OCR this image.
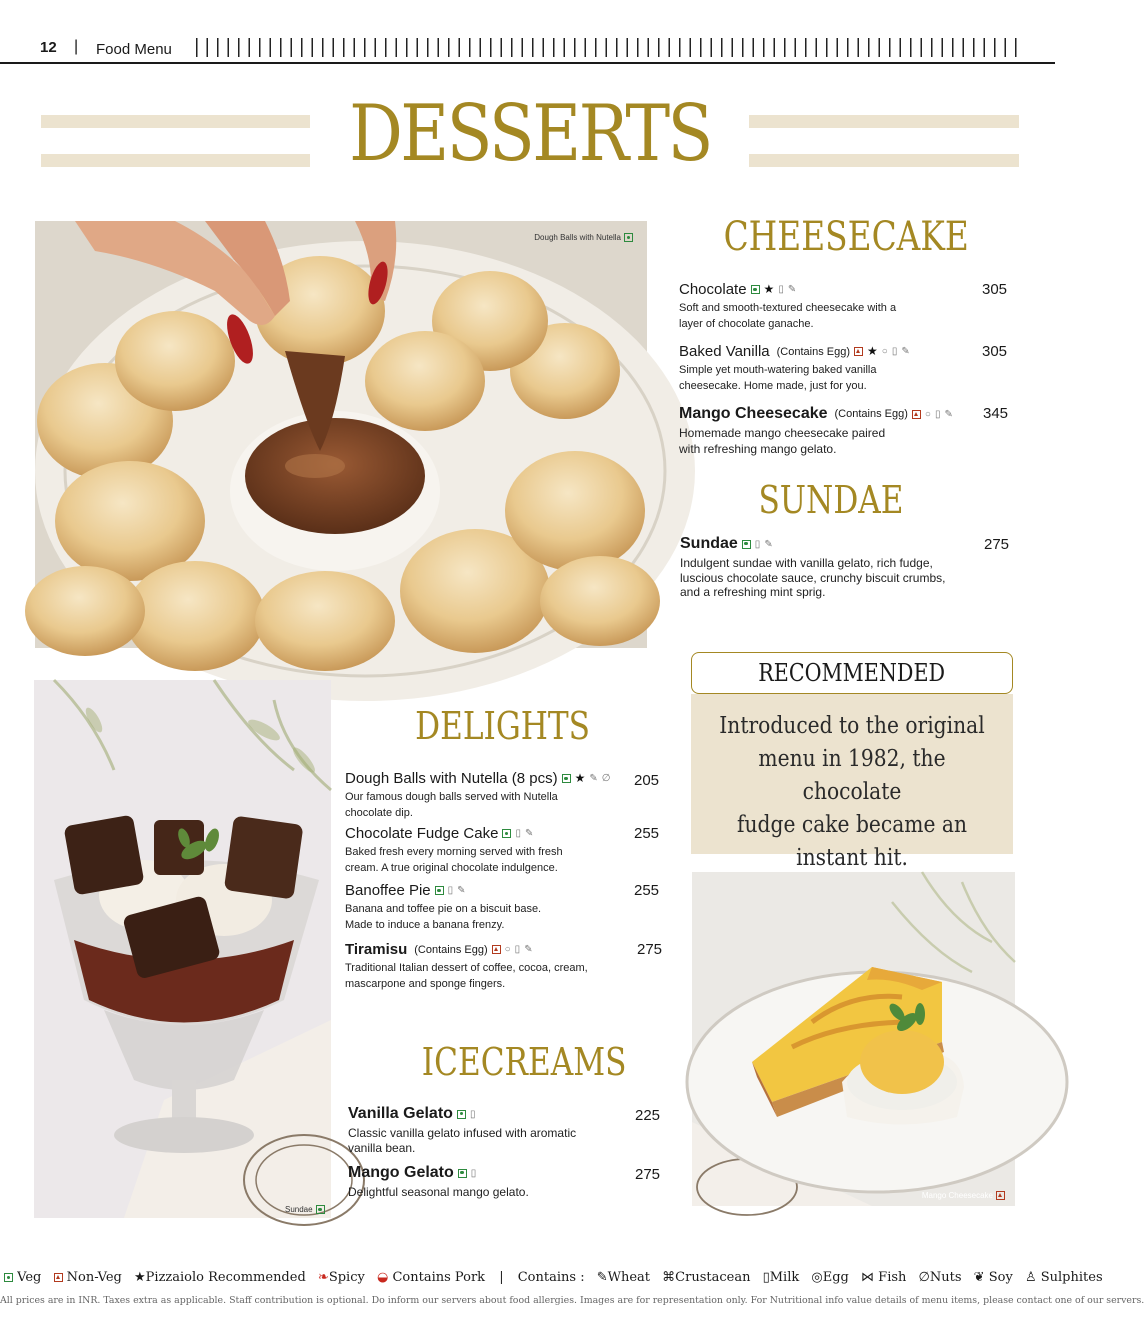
12 | Food Menu
DESSERTS
Dough Balls with Nutella	CHEESECAKE
Chocolate ★ ▯ ✎
Soft and smooth-textured cheesecake with a
layer of chocolate ganache.
305
Baked Vanilla (Contains Egg) ★ ○ ▯ ✎
Simple yet mouth-watering baked vanilla
cheesecake. Home made, just for you.
305
Mango Cheesecake (Contains Egg) ○ ▯ ✎
Homemade mango cheesecake paired
with refreshing mango gelato.
345
SUNDAE
Sundae ▯ ✎
Indulgent sundae with vanilla gelato, rich fudge,
luscious chocolate sauce, crunchy biscuit crumbs,
and a refreshing mint sprig.
275
Introduced to the original
menu in 1982, the chocolate
fudge cake became an
instant hit.
RECOMMENDED
Sundae
DELIGHTS
Dough Balls with Nutella (8 pcs) ★ ✎ ∅
Our famous dough balls served with Nutella
chocolate dip.
205
Chocolate Fudge Cake ▯ ✎
Baked fresh every morning served with fresh
cream. A true original chocolate indulgence.
255
Banoffee Pie ▯ ✎
Banana and toffee pie on a biscuit base.
Made to induce a banana frenzy.
255
Tiramisu (Contains Egg) ○ ▯ ✎
Traditional Italian dessert of coffee, cocoa, cream,
mascarpone and sponge fingers.
275
ICECREAMS
Vanilla Gelato ▯
Classic vanilla gelato infused with aromatic
vanilla bean.
225
Mango Gelato ▯
Delightful seasonal mango gelato.
275
Mango Cheesecake
Veg Non-Veg ★Pizzaiolo Recommended ❧Spicy ◒ Contains Pork | Contains : ✎Wheat ⌘Crustacean ▯Milk ◎Egg ⋈ Fish ∅Nuts ❦ Soy ♙ Sulphites
All prices are in INR. Taxes extra as applicable. Staff contribution is optional. Do inform our servers about food allergies. Images are for representation only. For Nutritional info value details of menu items, please contact one of our servers.
